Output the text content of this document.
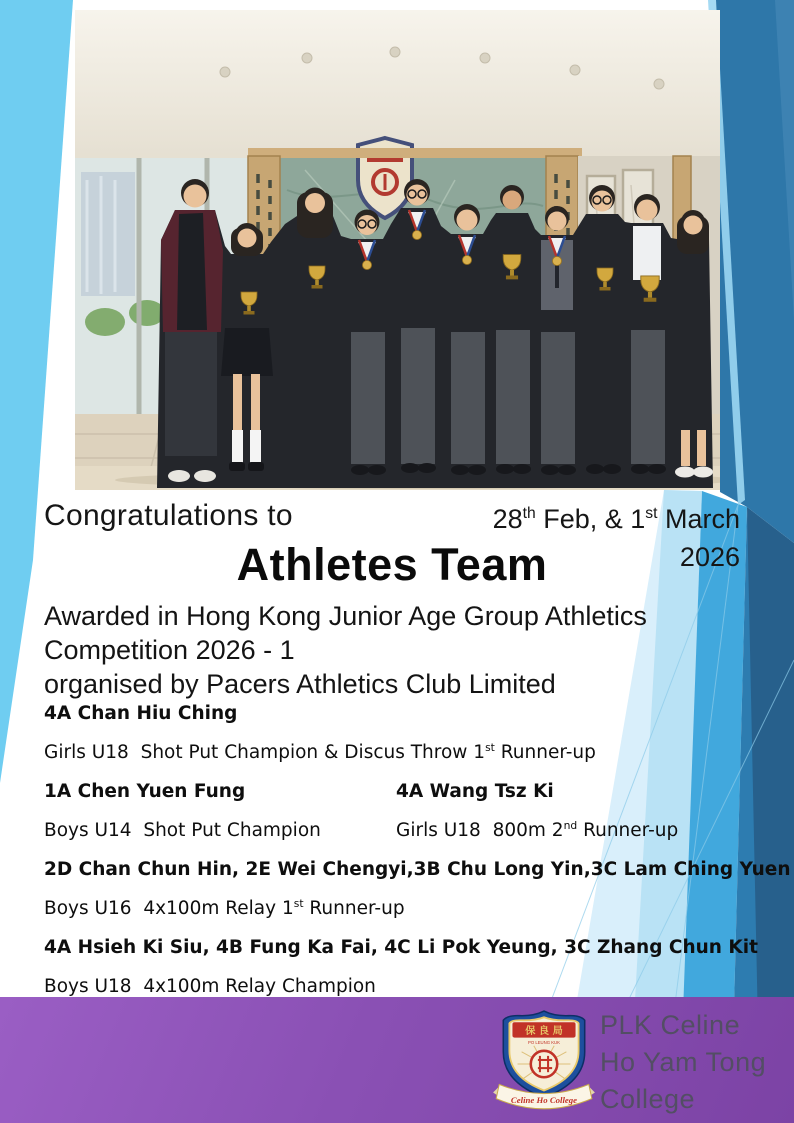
Congratulations to	28th Feb, & 1st March
2026
Athletes Team
Awarded in Hong Kong Junior Age Group Athletics
Competition 2026 - 1
organised by Pacers Athletics Club Limited
4A Chan Hiu Ching
Girls U18  Shot Put Champion & Discus Throw 1st Runner-up
1A Chen Yuen Fung	4A Wang Tsz Ki
Boys U14  Shot Put Champion	Girls U18  800m 2nd Runner-up
2D Chan Chun Hin, 2E Wei Chengyi,3B Chu Long Yin,3C Lam Ching Yuen
Boys U16  4x100m Relay 1st Runner-up
4A Hsieh Ki Siu, 4B Fung Ka Fai, 4C Li Pok Yeung, 3C Zhang Chun Kit
Boys U18  4x100m Relay Champion
保 良 局
PO LEUNG KUK
Celine Ho College
PLK Celine
Ho Yam Tong
College
